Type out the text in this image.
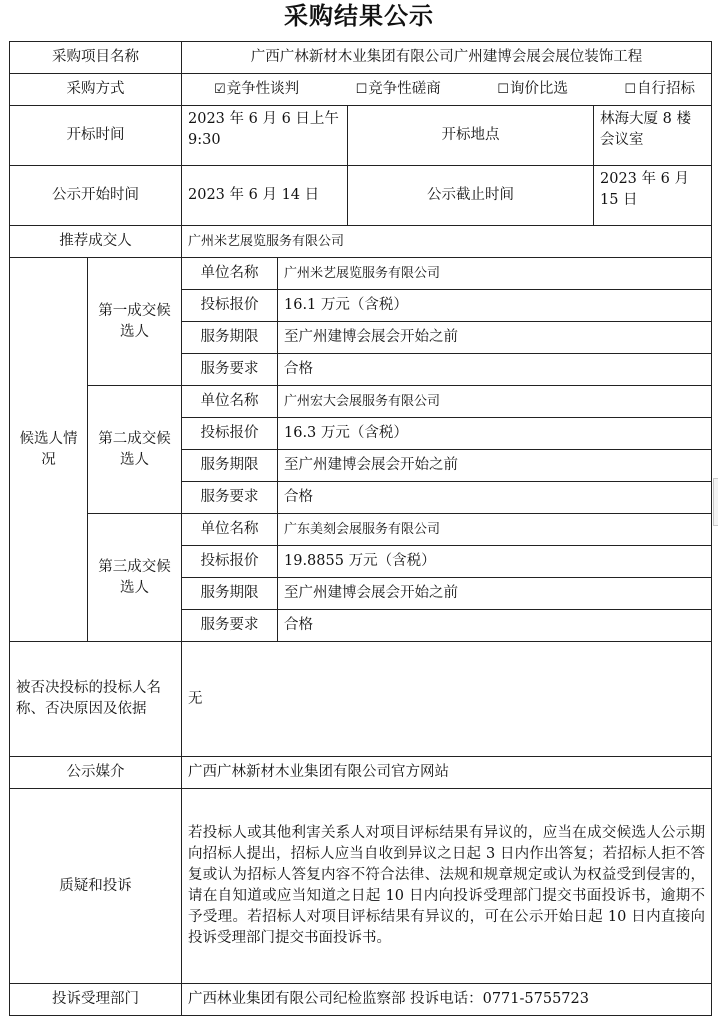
采购结果公示
采购项目名称		广西广林新材木业集团有限公司广州建博会展会展位装饰工程			
采购方式		☑竞争性谈判 ☐竞争性磋商 ☐询价比选 ☐自行招标			

开标时间		2023 年 6 月 6 日上午 9:30		开标地点	林海大厦 8 楼会议室
公示开始时间		2023 年 6 月 14 日		公示截止时间	2023 年 6 月 15 日
推荐成交人		广州米艺展览服务有限公司			
候选人情况	第一成交候选人	单位名称	广州米艺展览服务有限公司		
		投标报价	16.1 万元（含税）		
		服务期限	至广州建博会展会开始之前		
		服务要求	合格		
	第二成交候选人	单位名称	广州宏大会展服务有限公司		
		投标报价	16.3 万元（含税）		
		服务期限	至广州建博会展会开始之前		
		服务要求	合格		
	第三成交候选人	单位名称	广东美刻会展服务有限公司		
		投标报价	19.8855 万元（含税）		
		服务期限	至广州建博会展会开始之前		
		服务要求	合格		
被否决投标的投标人名称、否决原因及依据		无			
公示媒介		广西广林新材木业集团有限公司官方网站			
质疑和投诉		若投标人或其他利害关系人对项目评标结果有异议的，应当在成交候选人公示期向招标人提出，招标人应当自收到异议之日起 3 日内作出答复；若招标人拒不答复或认为招标人答复内容不符合法律、法规和规章规定或认为权益受到侵害的，请在自知道或应当知道之日起 10 日内向投诉受理部门提交书面投诉书，逾期不予受理。若招标人对项目评标结果有异议的，可在公示开始日起 10 日内直接向投诉受理部门提交书面投诉书。			
投诉受理部门		广西林业集团有限公司纪检监察部 投诉电话：0771-5755723			
